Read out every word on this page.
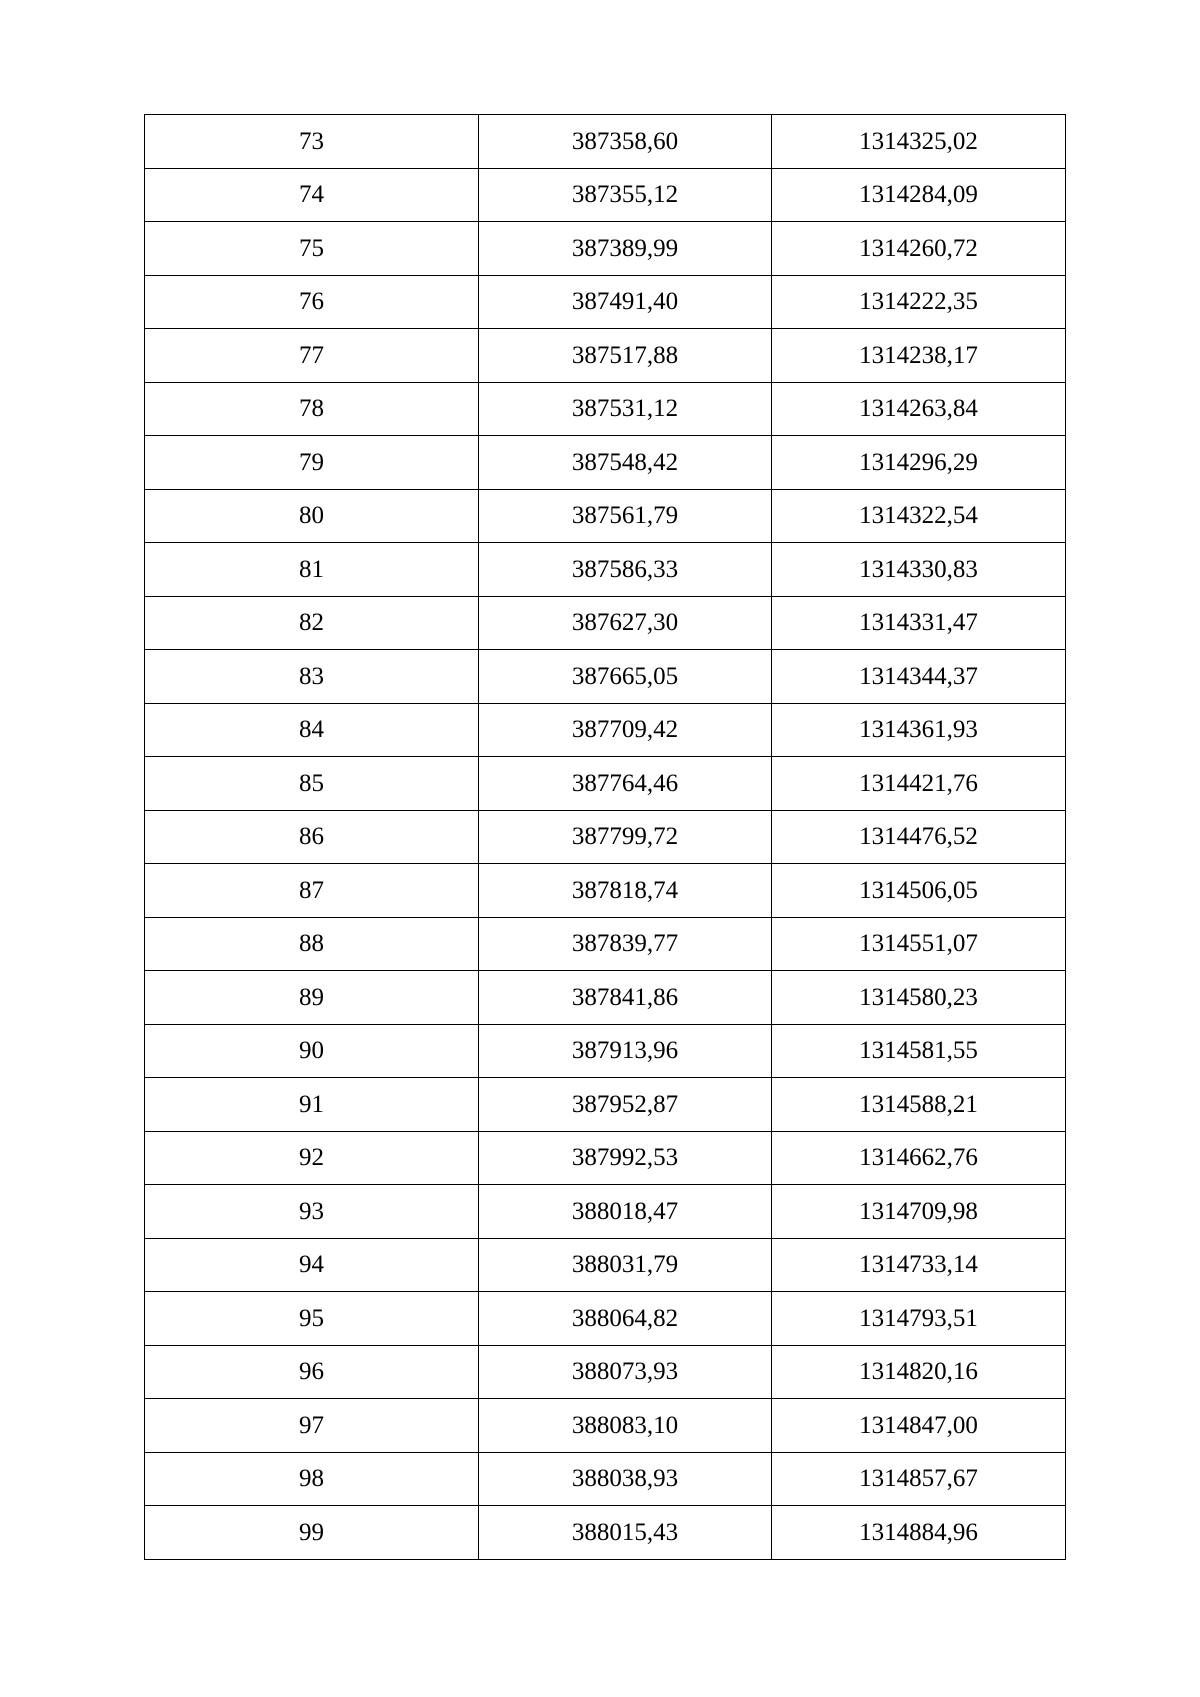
73	387358,60	1314325,02
74	387355,12	1314284,09
75	387389,99	1314260,72
76	387491,40	1314222,35
77	387517,88	1314238,17
78	387531,12	1314263,84
79	387548,42	1314296,29
80	387561,79	1314322,54
81	387586,33	1314330,83
82	387627,30	1314331,47
83	387665,05	1314344,37
84	387709,42	1314361,93
85	387764,46	1314421,76
86	387799,72	1314476,52
87	387818,74	1314506,05
88	387839,77	1314551,07
89	387841,86	1314580,23
90	387913,96	1314581,55
91	387952,87	1314588,21
92	387992,53	1314662,76
93	388018,47	1314709,98
94	388031,79	1314733,14
95	388064,82	1314793,51
96	388073,93	1314820,16
97	388083,10	1314847,00
98	388038,93	1314857,67
99	388015,43	1314884,96
